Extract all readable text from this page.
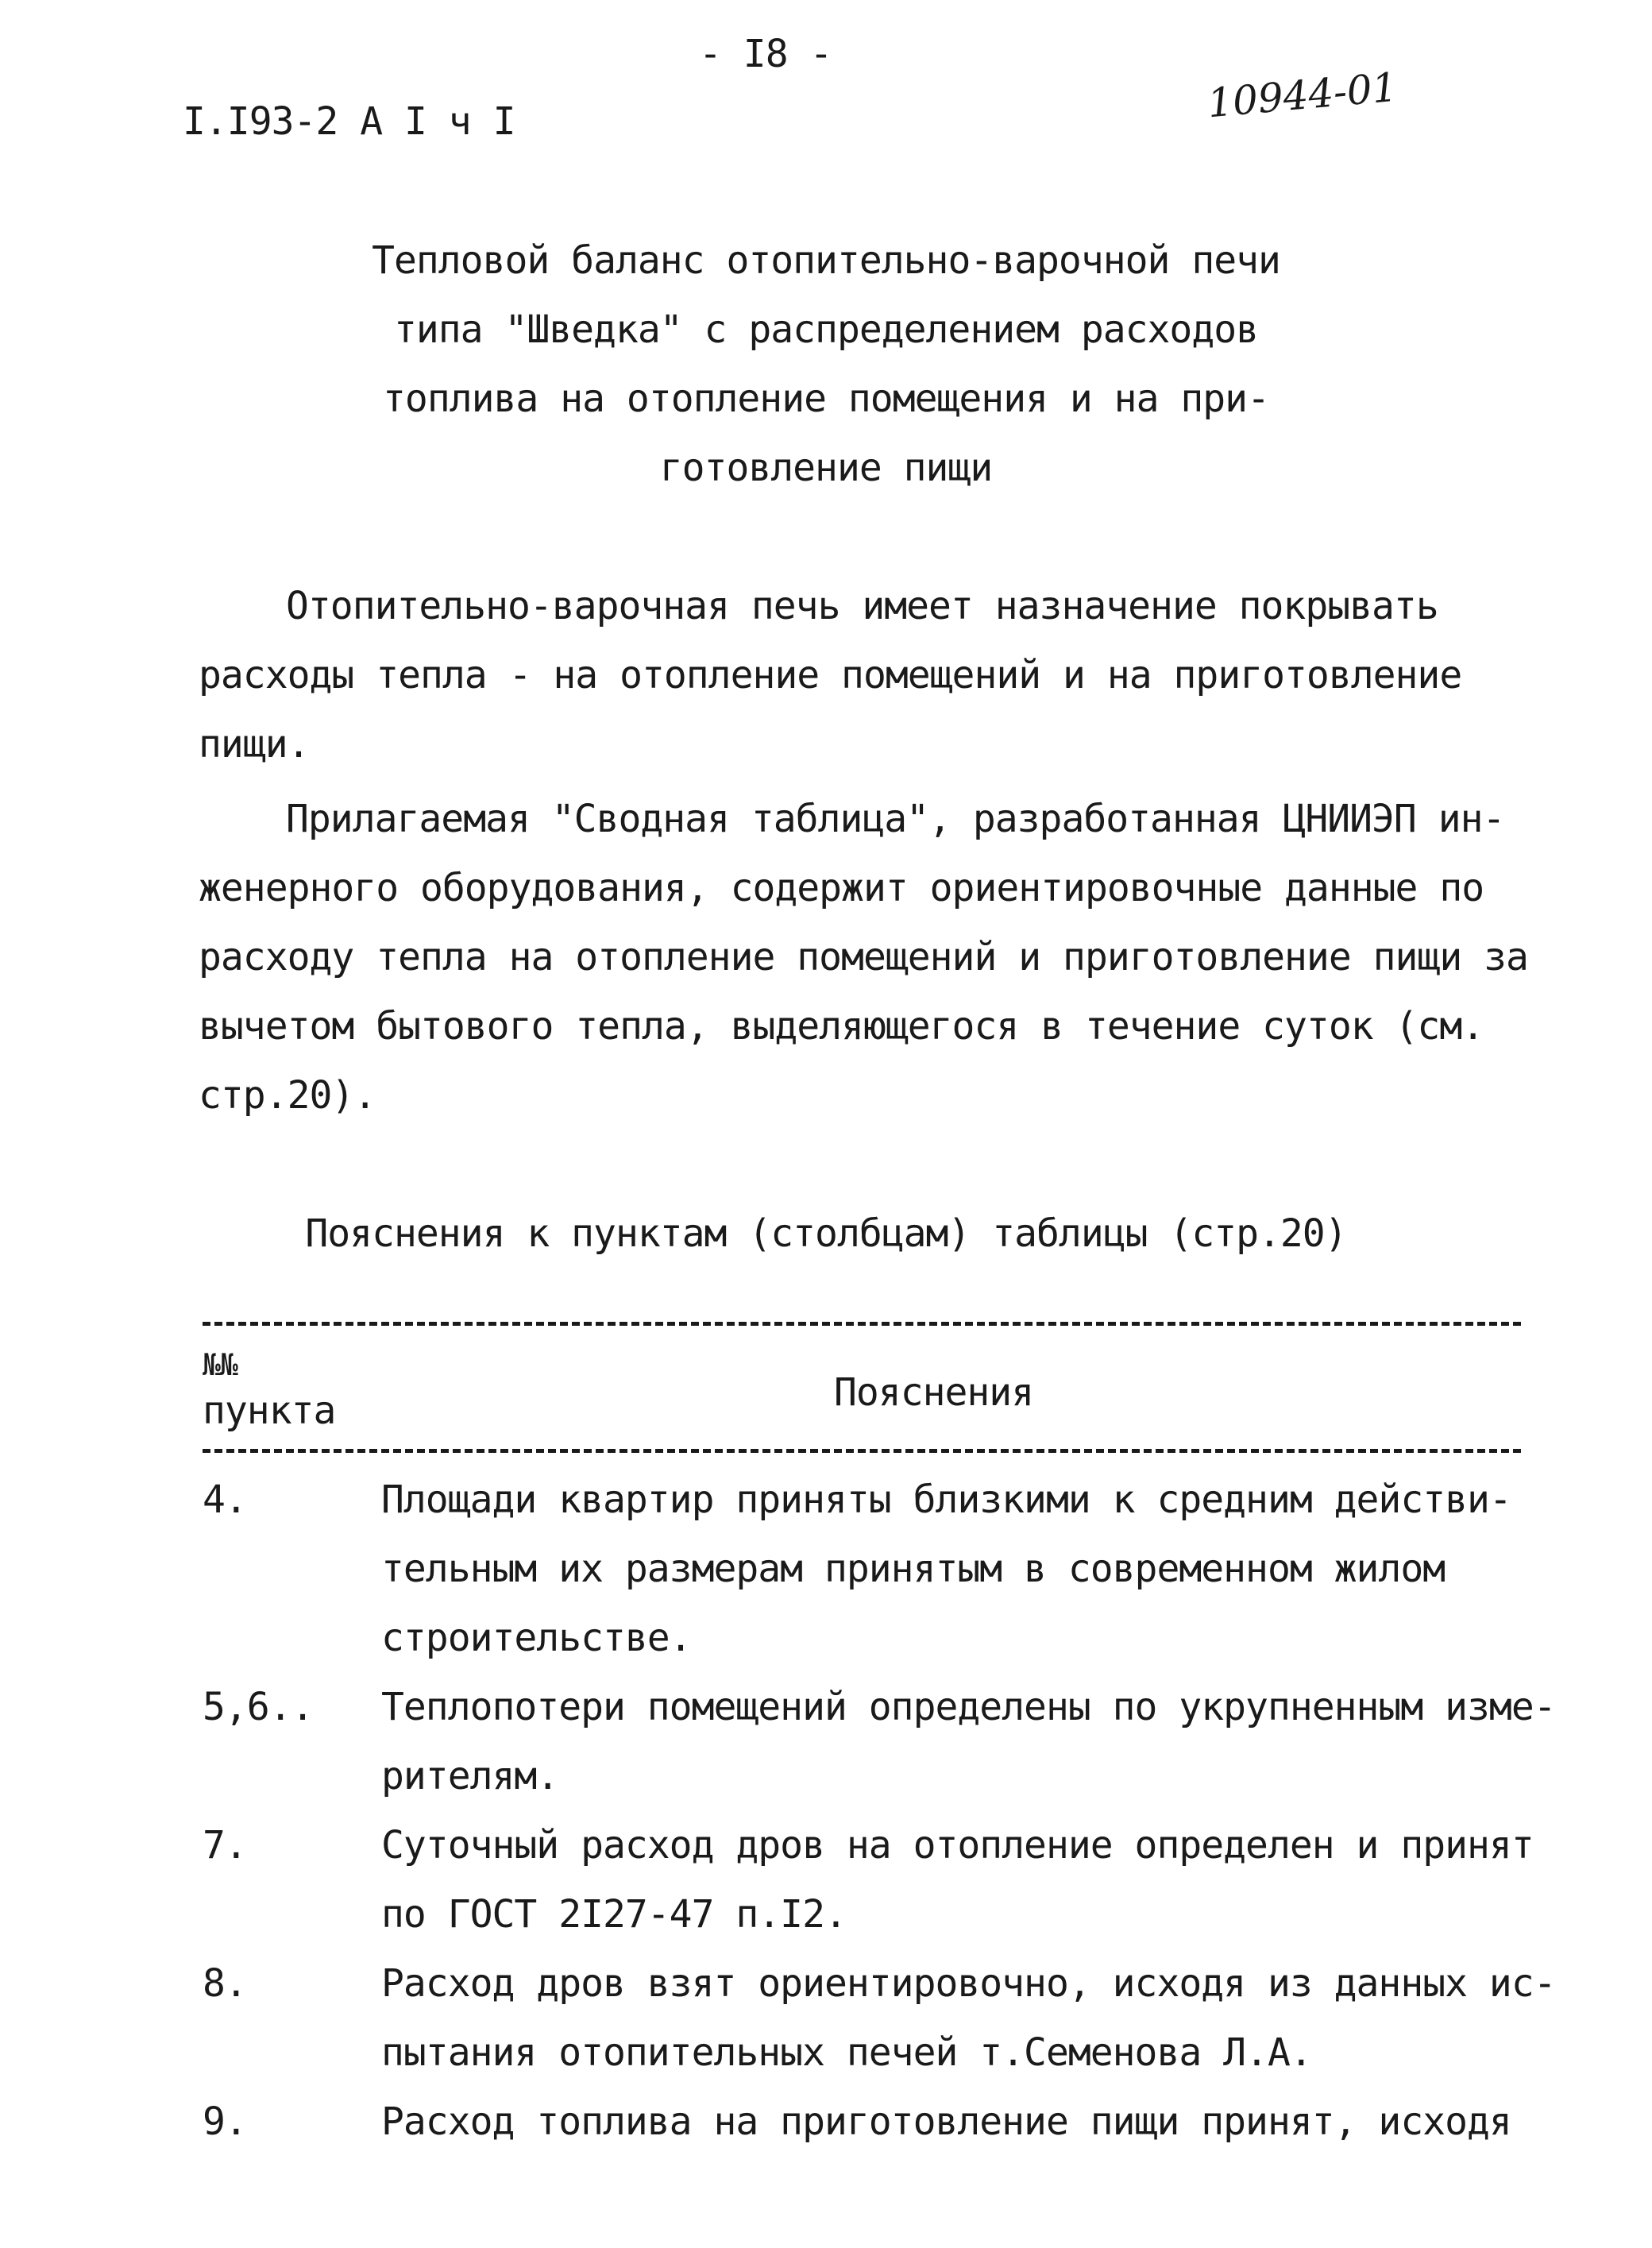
- I8 -
I.I93-2 A I ч I	10944-01
Тепловой баланс отопительно-варочной печи
типа "Шведка" с распределением расходов
топлива на отопление помещения и на при-
готовление пищи
Отопительно-варочная печь имеет назначение покрывать
расходы тепла - на отопление помещений и на приготовление
пищи.
Прилагаемая "Сводная таблица", разработанная ЦНИИЭП ин-
женерного оборудования, содержит ориентировочные данные по
расходу тепла на отопление помещений и приготовление пищи за
вычетом бытового тепла, выделяющегося в течение суток (см.
стр.20).
Пояснения к пунктам (столбцам) таблицы (стр.20)
№№
пункта	Пояснения
4.	Площади квартир приняты близкими к средним действи-
тельным их размерам принятым в современном жилом
строительстве.
5,6.. Теплопотери помещений определены по укрупненным изме-
рителям.
7.	Суточный расход дров на отопление определен и принят
по ГОСТ 2I27-47 п.I2.
8.	Расход дров взят ориентировочно, исходя из данных ис-
пытания отопительных печей т.Семенова Л.А.
9.	Расход топлива на приготовление пищи принят, исходя
